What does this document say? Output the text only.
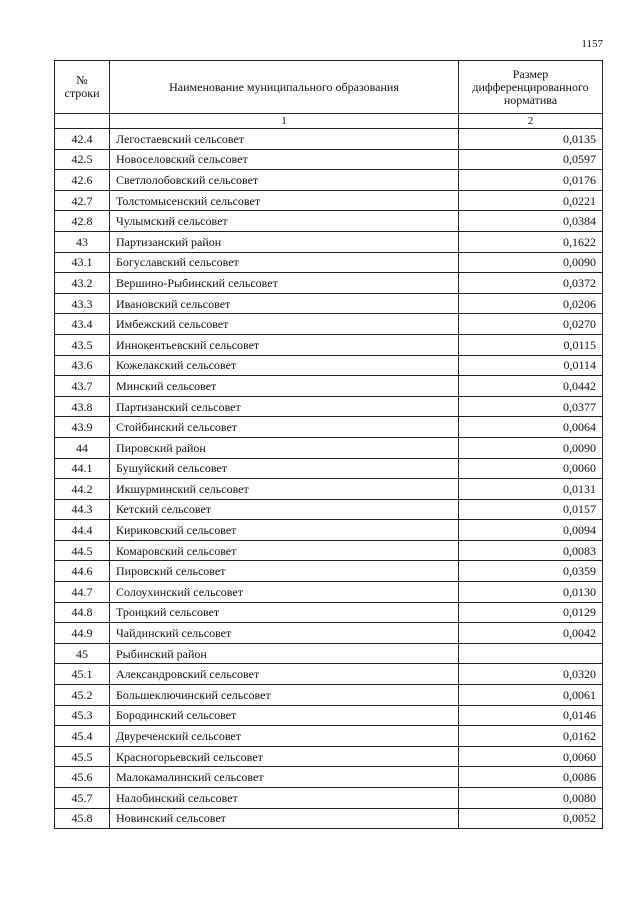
1157
№
строки	Наименование муниципального образования	Размер
дифференцированного
норматива

	1	2
42.4	Легостаевский сельсовет	0,0135
42.5	Новоселовский сельсовет	0,0597
42.6	Светлолобовский сельсовет	0,0176
42.7	Толстомысенский сельсовет	0,0221
42.8	Чулымский сельсовет	0,0384
43	Партизанский район	0,1622
43.1	Богуславский сельсовет	0,0090
43.2	Вершино-Рыбинский сельсовет	0,0372
43.3	Ивановский сельсовет	0,0206
43.4	Имбежский сельсовет	0,0270
43.5	Иннокентьевский сельсовет	0,0115
43.6	Кожелакский сельсовет	0,0114
43.7	Минский сельсовет	0,0442
43.8	Партизанский сельсовет	0,0377
43.9	Стойбинский сельсовет	0,0064
44	Пировский район	0,0090
44.1	Бушуйский сельсовет	0,0060
44.2	Икшурминский сельсовет	0,0131
44.3	Кетский сельсовет	0,0157
44.4	Кириковский сельсовет	0,0094
44.5	Комаровский сельсовет	0,0083
44.6	Пировский сельсовет	0,0359
44.7	Солоухинский сельсовет	0,0130
44.8	Троицкий сельсовет	0,0129
44.9	Чайдинский сельсовет	0,0042
45	Рыбинский район	
45.1	Александровский сельсовет	0,0320
45.2	Большеключинский сельсовет	0,0061
45.3	Бородинский сельсовет	0,0146
45.4	Двуреченский сельсовет	0,0162
45.5	Красногорьевский сельсовет	0,0060
45.6	Малокамалинский сельсовет	0,0086
45.7	Налобинский сельсовет	0,0080
45.8	Новинский сельсовет	0,0052
